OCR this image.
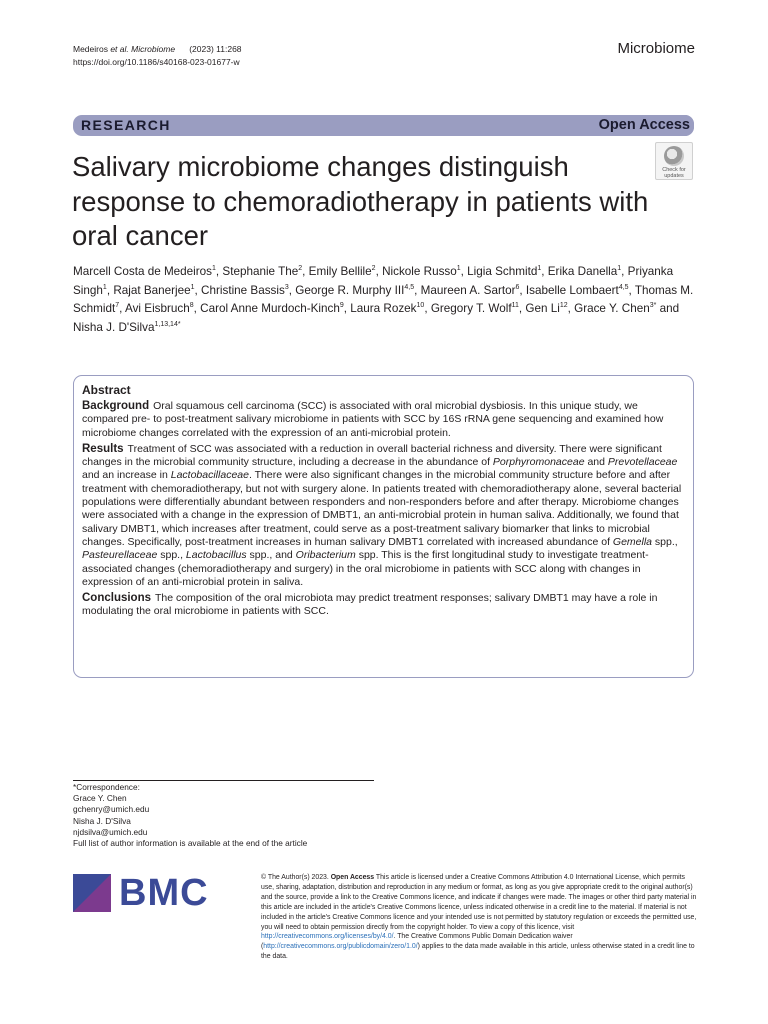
Medeiros et al. Microbiome (2023) 11:268
https://doi.org/10.1186/s40168-023-01677-w
Microbiome
RESEARCH	Open Access
Salivary microbiome changes distinguish response to chemoradiotherapy in patients with oral cancer
Check for
updates
Marcell Costa de Medeiros$^1$, Stephanie The$^2$, Emily Bellile$^2$, Nickole Russo$^1$, Ligia Schmitd$^1$, Erika Danella$^1$, Priyanka Singh$^1$, Rajat Banerjee$^1$, Christine Bassis$^3$, George R. Murphy III$^{4,5}$, Maureen A. Sartor$^6$, Isabelle Lombaert$^{4,5}$, Thomas M. Schmidt$^7$, Avi Eisbruch$^8$, Carol Anne Murdoch-Kinch$^9$, Laura Rozek$^{10}$, Gregory T. Wolf$^{11}$, Gen Li$^{12}$, Grace Y. Chen$^{3*}$ and Nisha J. D'Silva$^{1,13,14*}$
Abstract

Background Oral squamous cell carcinoma (SCC) is associated with oral microbial dysbiosis. In this unique study, we compared pre- to post-treatment salivary microbiome in patients with SCC by 16S rRNA gene sequencing and examined how microbiome changes correlated with the expression of an anti-microbial protein.

Results Treatment of SCC was associated with a reduction in overall bacterial richness and diversity. There were significant changes in the microbial community structure, including a decrease in the abundance of Porphyromonaceae and Prevotellaceae and an increase in Lactobacillaceae. There were also significant changes in the microbial community structure before and after treatment with chemoradiotherapy, but not with surgery alone. In patients treated with chemoradiotherapy alone, several bacterial populations were differentially abundant between responders and non-responders before and after therapy. Microbiome changes were associated with a change in the expression of DMBT1, an anti-microbial protein in human saliva. Additionally, we found that salivary DMBT1, which increases after treatment, could serve as a post-treatment salivary biomarker that links to microbial changes. Specifically, post-treatment increases in human salivary DMBT1 correlated with increased abundance of Gemella spp., Pasteurellaceae spp., Lactobacillus spp., and Oribacterium spp. This is the first longitudinal study to investigate treatment-associated changes (chemoradiotherapy and surgery) in the oral microbiome in patients with SCC along with changes in expression of an anti-microbial protein in saliva.

Conclusions The composition of the oral microbiota may predict treatment responses; salivary DMBT1 may have a role in modulating the oral microbiome in patients with SCC.

*Correspondence:
Grace Y. Chen
gchenry@umich.edu
Nisha J. D'Silva
njdsilva@umich.edu
Full list of author information is available at the end of the article
BMC	© The Author(s) 2023. Open Access This article is licensed under a Creative Commons Attribution 4.0 International License, which permits use, sharing, adaptation, distribution and reproduction in any medium or format, as long as you give appropriate credit to the original author(s) and the source, provide a link to the Creative Commons licence, and indicate if changes were made. The images or other third party material in this article are included in the article's Creative Commons licence, unless indicated otherwise in a credit line to the material. If material is not included in the article's Creative Commons licence and your intended use is not permitted by statutory regulation or exceeds the permitted use, you will need to obtain permission directly from the copyright holder. To view a copy of this licence, visit http://creativecommons.org/licenses/by/4.0/. The Creative Commons Public Domain Dedication waiver (http://creativecommons.org/publicdomain/zero/1.0/) applies to the data made available in this article, unless otherwise stated in a credit line to the data.
